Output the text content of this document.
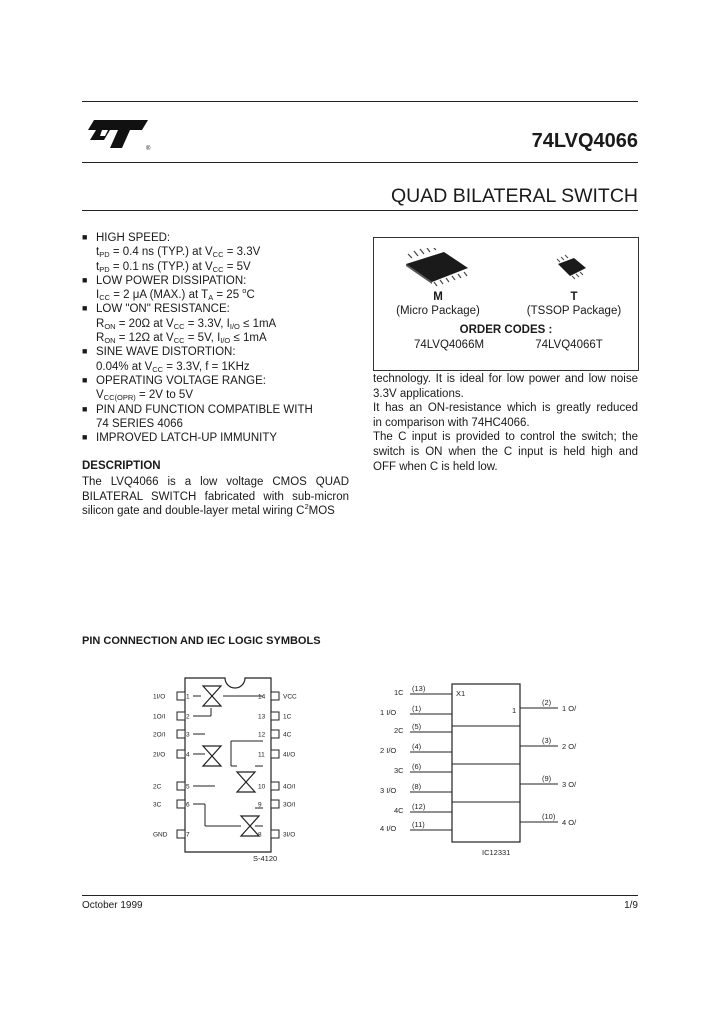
®	74LVQ4066
QUAD BILATERAL SWITCH
■ HIGH SPEED:
$t_{PD} = 0.4$ ns (TYP.) at $V_{CC} = 3.3V$
$t_{PD} = 0.1$ ns (TYP.) at $V_{CC} = 5V$
■ LOW POWER DISSIPATION:
$I_{CC} = 2$ μA (MAX.) at $T_A = 25$ $^o$C
■ LOW "ON" RESISTANCE:
$R_{ON} = 20\Omega$ at $V_{CC} = 3.3V$, $I_{I/O} \le 1mA$
$R_{ON} = 12\Omega$ at $V_{CC} = 5V$, $I_{I/O} \le 1mA$
■ SINE WAVE DISTORTION:
0.04% at $V_{CC} = 3.3V$, f = 1KHz
■ OPERATING VOLTAGE RANGE:
$V_{CC(OPR)} = 2V$ to 5V
■ PIN AND FUNCTION COMPATIBLE WITH
74 SERIES 4066
■ IMPROVED LATCH-UP IMMUNITY
DESCRIPTION
The LVQ4066 is a low voltage CMOS QUAD
BILATERAL SWITCH fabricated with sub-micron
silicon gate and double-layer metal wiring $C^2MOS$
M
(Micro Package)
T
(TSSOP Package)
ORDER CODES :
74LVQ4066M	74LVQ4066T
technology. It is ideal for low power and low noise
3.3V applications.
It has an ON-resistance which is greatly reduced
in comparison with 74HC4066.
The C input is provided to control the switch; the
switch is ON when the C input is held high and
OFF when C is held low.
PIN CONNECTION AND IEC LOGIC SYMBOLS
1
1I/O
2
1O/I
3
2O/I
4
2I/O
5
2C
6
3C
7
GND
14	VCC
13	1C
12	4C
11	4I/O
10	4O/I
9	3O/I
8	3I/O
S-4120
X1
1
1C (13)
1 I/O (1)
2C (5)
2 I/O (4)
3C (6)
3 I/O (8)
4C (12)
4 I/O (11)
(2)
1 O/
(3)
2 O/
(9)
3 O/
(10)
4 O/
IC12331
October 1999	1/9
